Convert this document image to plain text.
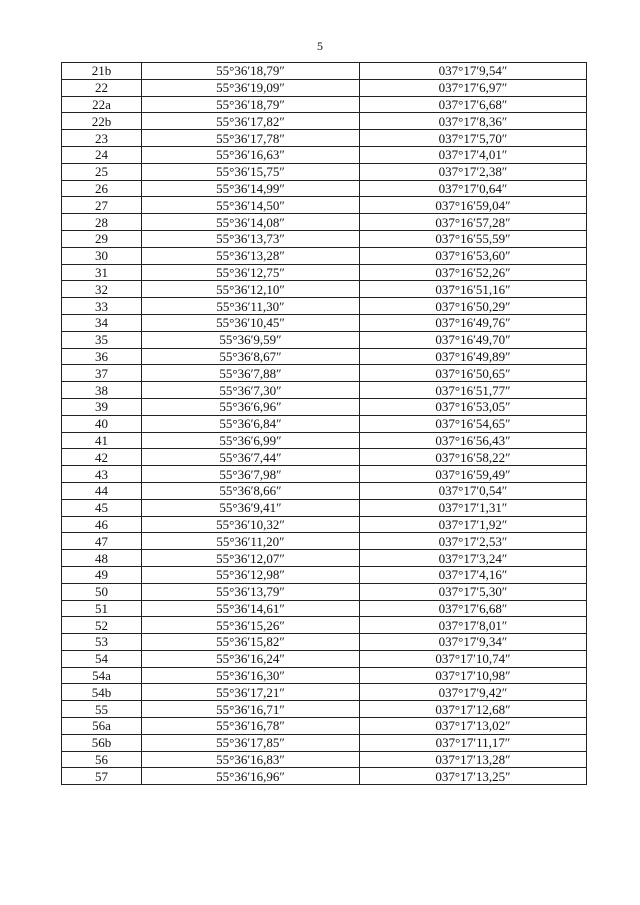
5
21b	55°36′18,79″	037°17′9,54″
22	55°36′19,09″	037°17′6,97″
22a	55°36′18,79″	037°17′6,68″
22b	55°36′17,82″	037°17′8,36″
23	55°36′17,78″	037°17′5,70″
24	55°36′16,63″	037°17′4,01″
25	55°36′15,75″	037°17′2,38″
26	55°36′14,99″	037°17′0,64″
27	55°36′14,50″	037°16′59,04″
28	55°36′14,08″	037°16′57,28″
29	55°36′13,73″	037°16′55,59″
30	55°36′13,28″	037°16′53,60″
31	55°36′12,75″	037°16′52,26″
32	55°36′12,10″	037°16′51,16″
33	55°36′11,30″	037°16′50,29″
34	55°36′10,45″	037°16′49,76″
35	55°36′9,59″	037°16′49,70″
36	55°36′8,67″	037°16′49,89″
37	55°36′7,88″	037°16′50,65″
38	55°36′7,30″	037°16′51,77″
39	55°36′6,96″	037°16′53,05″
40	55°36′6,84″	037°16′54,65″
41	55°36′6,99″	037°16′56,43″
42	55°36′7,44″	037°16′58,22″
43	55°36′7,98″	037°16′59,49″
44	55°36′8,66″	037°17′0,54″
45	55°36′9,41″	037°17′1,31″
46	55°36′10,32″	037°17′1,92″
47	55°36′11,20″	037°17′2,53″
48	55°36′12,07″	037°17′3,24″
49	55°36′12,98″	037°17′4,16″
50	55°36′13,79″	037°17′5,30″
51	55°36′14,61″	037°17′6,68″
52	55°36′15,26″	037°17′8,01″
53	55°36′15,82″	037°17′9,34″
54	55°36′16,24″	037°17′10,74″
54a	55°36′16,30″	037°17′10,98″
54b	55°36′17,21″	037°17′9,42″
55	55°36′16,71″	037°17′12,68″
56a	55°36′16,78″	037°17′13,02″
56b	55°36′17,85″	037°17′11,17″
56	55°36′16,83″	037°17′13,28″
57	55°36′16,96″	037°17′13,25″
